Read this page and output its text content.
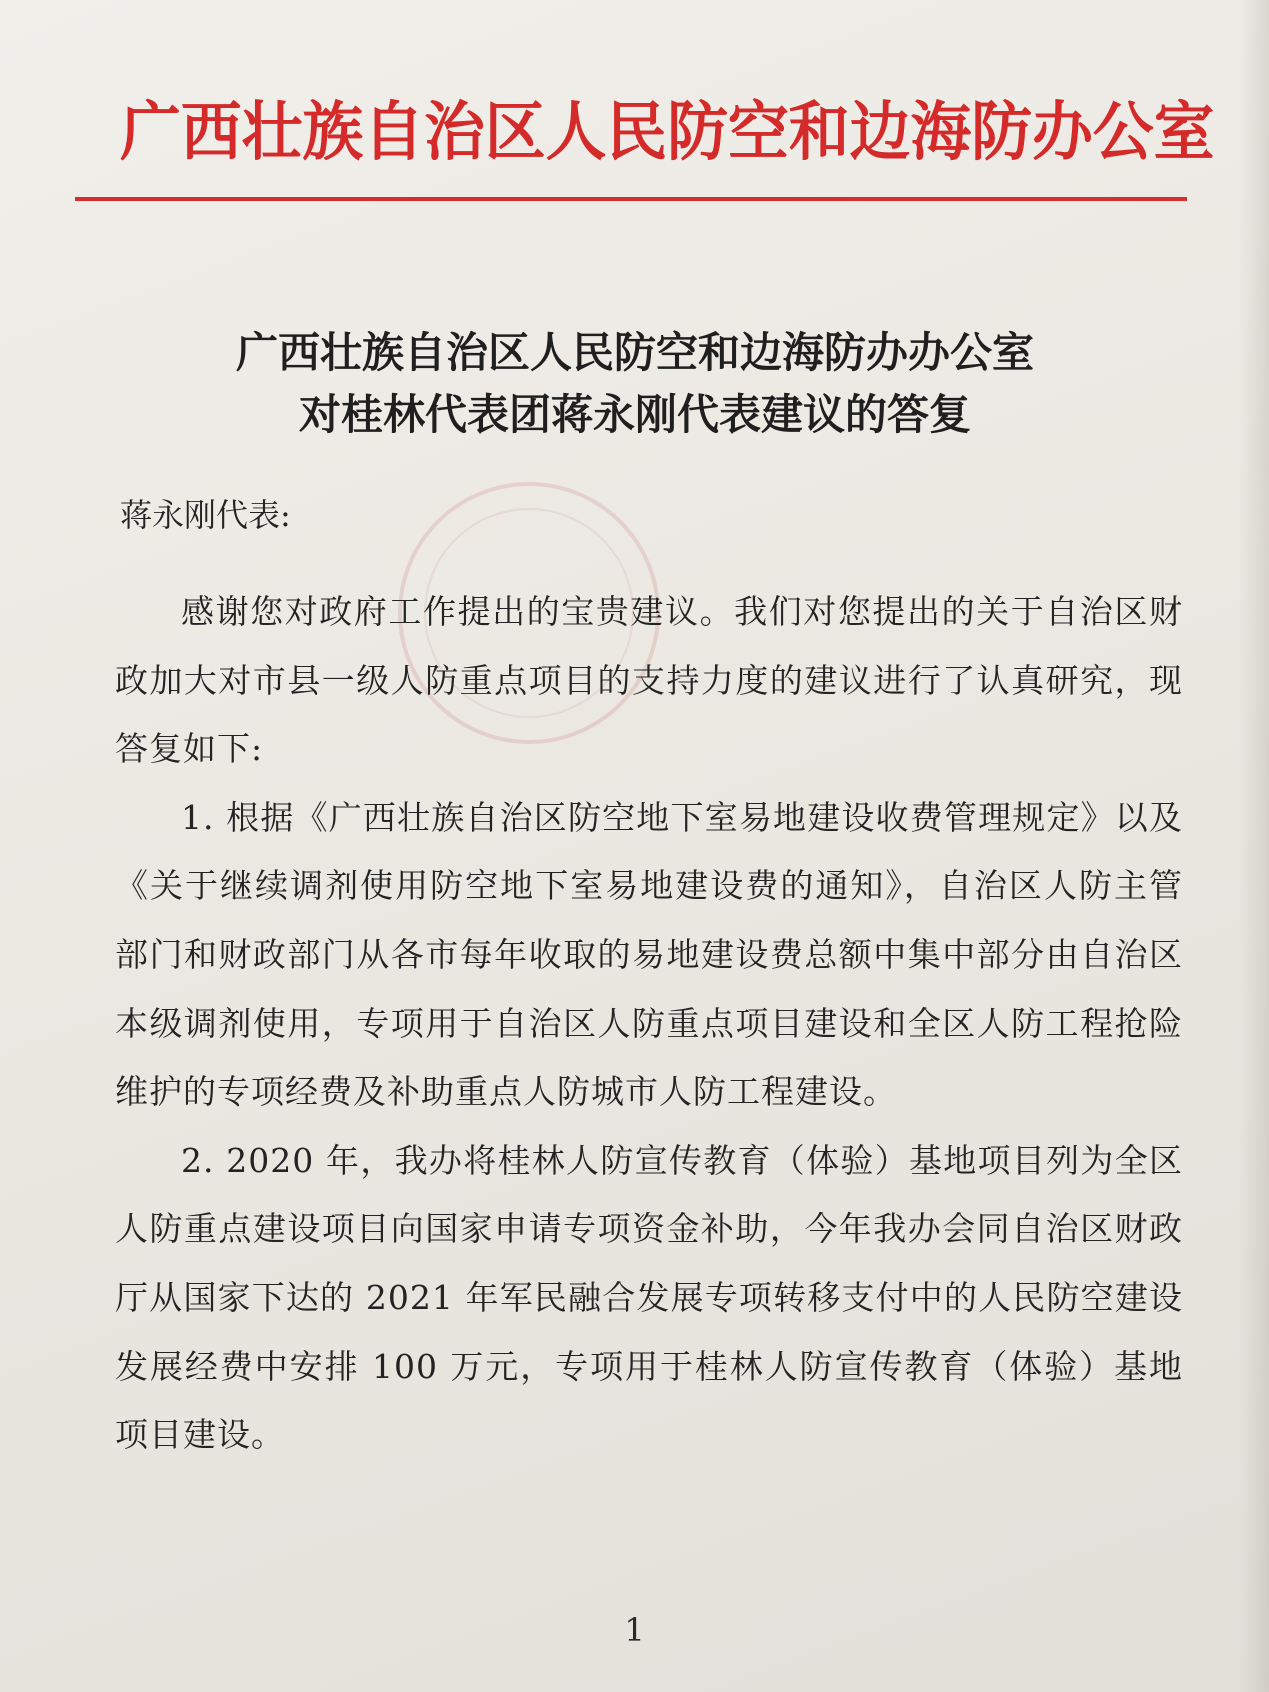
广西壮族自治区人民防空和边海防办公室
广西壮族自治区人民防空和边海防办办公室
对桂林代表团蒋永刚代表建议的答复

蒋永刚代表:

感谢您对政府工作提出的宝贵建议。我们对您提出的关于自治区财政加大对市县一级人防重点项目的支持力度的建议进行了认真研究，现答复如下:

1. 根据《广西壮族自治区防空地下室易地建设收费管理规定》以及《关于继续调剂使用防空地下室易地建设费的通知》，自治区人防主管部门和财政部门从各市每年收取的易地建设费总额中集中部分由自治区本级调剂使用，专项用于自治区人防重点项目建设和全区人防工程抢险维护的专项经费及补助重点人防城市人防工程建设。

2. 2020 年，我办将桂林人防宣传教育（体验）基地项目列为全区人防重点建设项目向国家申请专项资金补助，今年我办会同自治区财政厅从国家下达的 2021 年军民融合发展专项转移支付中的人民防空建设发展经费中安排 100 万元，专项用于桂林人防宣传教育（体验）基地项目建设。

1
